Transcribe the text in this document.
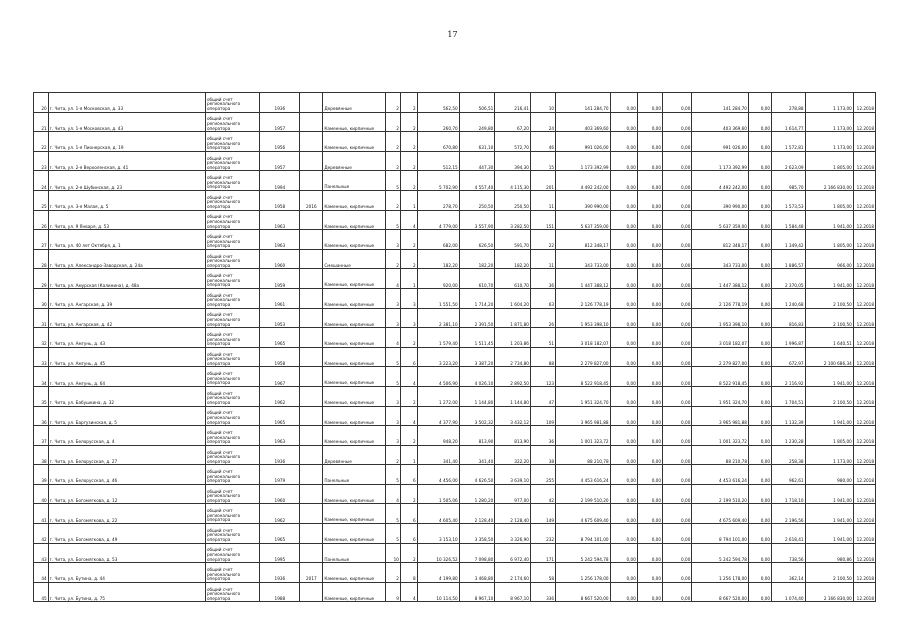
17
20	г. Чита, ул. 1-я Московская, д. 33	общий счет регионального оператора	1936		Деревянные	2	2	562,50	506,51	216,41	10	141 284,70	0,00	0,00	0,00	141 284,70	0,00	278,88	1 173,00	12.2018
21	г. Чита, ул. 1-я Московская, д. 43	общий счет регионального оператора	1957		Каменные, кирпичные	2	2	260,70	249,80	67,20	24	403 369,60	0,00	0,00	0,00	403 369,60	0,00	1 614,77	1 173,00	12.2018
22	г. Чита, ул. 1-я Пионерская, д. 19	общий счет регионального оператора	1956		Каменные, кирпичные	2	2	670,80	631,10	572,70	46	991 026,00	0,00	0,00	0,00	991 026,00	0,00	1 572,81	1 173,00	12.2018
23	г. Чита, ул. 2-я Верхоленская, д. 41	общий счет регионального оператора	1957		Деревянные	2	2	512,15	447,30	394,30	15	1 173 392,99	0,00	0,00	0,00	1 173 392,99	0,00	2 623,09	1 805,00	12.2018
24	г. Чита, ул. 2-я Шубинская, д. 23	общий счет регионального оператора	1994		Панельные	5	2	5 702,90	4 557,40	4 115,30	201	4 492 242,00	0,00	0,00	0,00	4 492 242,00	0,00	985,70	2 166 830,00	12.2018
25	г. Чита, ул. 3-я Малая, д. 5	общий счет регионального оператора	1958	2016	Каменные, кирпичные	2	1	278,70	250,50	250,50	11	390 990,00	0,00	0,00	0,00	390 990,00	0,00	1 573,53	1 805,00	12.2018
26	г. Чита, ул. 9 Января, д. 53	общий счет регионального оператора	1963		Каменные, кирпичные	5	4	4 779,00	3 557,90	3 282,50	151	5 637 359,00	0,00	0,00	0,00	5 637 359,00	0,00	1 584,48	1 941,00	12.2018
27	г. Чита, ул. 40 лет Октября, д. 1	общий счет регионального оператора	1963		Каменные, кирпичные	3	2	682,00	626,50	591,70	22	812 348,17	0,00	0,00	0,00	812 348,17	0,00	1 349,42	1 805,00	12.2018
28	г. Чита, ул. Александро-Заводская, д. 24а	общий счет регионального оператора	1960		Смешанные	2	2	182,20	182,20	182,20	11	343 733,00	0,00	0,00	0,00	343 733,00	0,00	1 886,57	966,00	12.2018
29	г. Чита, ул. Амурская (Калинина), д. 48а	общий счет регионального оператора	1959		Каменные, кирпичные	4	1	920,00	610,70	610,70	36	1 447 388,12	0,00	0,00	0,00	1 447 388,12	0,00	2 370,05	1 941,00	12.2018
30	г. Чита, ул. Ангарская, д. 39	общий счет регионального оператора	1961		Каменные, кирпичные	3	3	1 551,50	1 714,20	1 604,20	63	2 126 778,19	0,00	0,00	0,00	2 126 778,19	0,00	1 240,68	2 100,50	12.2018
31	г. Чита, ул. Ангарская, д. 42	общий счет регионального оператора	1953		Каменные, кирпичные	3	3	2 381,10	2 391,50	1 871,80	26	1 953 398,10	0,00	0,00	0,00	1 953 398,10	0,00	816,83	2 100,50	12.2018
32	г. Чита, ул. Амгунь, д. 43	общий счет регионального оператора	1965		Каменные, кирпичные	4	2	1 579,40	1 511,45	1 203,86	51	3 018 182,07	0,00	0,00	0,00	3 018 182,07	0,00	1 996,87	1 640,51	12.2018
33	г. Чита, ул. Амгунь, д. 45	общий счет регионального оператора	1958		Каменные, кирпичные	5	6	3 223,20	3 387,20	2 734,80	88	2 279 827,00	0,00	0,00	0,00	2 279 827,00	0,00	672,97	2 100 686,34	12.2018
34	г. Чита, ул. Амгунь, д. 64	общий счет регионального оператора	1967		Каменные, кирпичные	5	4	4 506,90	4 026,10	2 892,50	123	8 522 918,45	0,00	0,00	0,00	8 522 918,45	0,00	2 116,92	1 941,00	12.2018
35	г. Чита, ул. Бабушкина, д. 32	общий счет регионального оператора	1962		Каменные, кирпичные	3	2	1 272,00	1 144,80	1 144,80	47	1 951 324,70	0,00	0,00	0,00	1 951 324,70	0,00	1 704,51	2 100,50	12.2018
36	г. Чита, ул. Баргузинская, д. 5	общий счет регионального оператора	1965		Каменные, кирпичные	3	4	4 377,90	3 502,32	3 432,12	109	3 965 981,88	0,00	0,00	0,00	3 965 981,88	0,00	1 132,39	1 941,00	12.2018
37	г. Чита, ул. Белорусская, д. 4	общий счет регионального оператора	1963		Каменные, кирпичные	3	2	948,20	813,90	813,90	36	1 001 323,72	0,00	0,00	0,00	1 001 323,72	0,00	1 230,28	1 805,00	12.2018
38	г. Чита, ул. Белорусская, д. 27	общий счет регионального оператора	1936		Деревянные	2	1	341,40	341,40	322,20	38	88 210,78	0,00	0,00	0,00	88 210,78	0,00	258,38	1 173,00	12.2018
39	г. Чита, ул. Белорусская, д. 46	общий счет регионального оператора	1979		Панельные	5	6	4 456,00	4 626,50	3 639,10	255	4 453 616,24	0,00	0,00	0,00	4 453 616,24	0,00	962,61	980,00	12.2018
40	г. Чита, ул. Богомягкова, д. 12	общий счет регионального оператора	1960		Каменные, кирпичные	4	2	1 505,06	1 280,20	977,00	42	2 199 510,20	0,00	0,00	0,00	2 199 510,20	0,00	1 718,10	1 941,00	12.2018
41	г. Чита, ул. Богомягкова, д. 22	общий счет регионального оператора	1962		Каменные, кирпичные	5	6	4 605,40	2 128,40	2 128,40	149	4 675 609,40	0,00	0,00	0,00	4 675 609,40	0,00	2 196,56	1 941,00	12.2018
42	г. Чита, ул. Богомягкова, д. 49	общий счет регионального оператора	1965		Каменные, кирпичные	5	6	3 153,10	3 358,50	3 326,90	232	8 794 101,00	0,00	0,00	0,00	8 794 101,00	0,00	2 618,41	1 941,00	12.2018
43	г. Чита, ул. Богомягкова, д. 53	общий счет регионального оператора	1995		Панельные	10	2	10 326,52	7 098,80	6 972,40	171	5 242 594,78	0,00	0,00	0,00	5 242 594,78	0,00	738,56	980,86	12.2018
44	г. Чита, ул. Бутина, д. 44	общий счет регионального оператора	1936	2017	Каменные, кирпичные	2	8	4 199,80	3 468,80	2 174,60	58	1 256 178,00	0,00	0,00	0,00	1 256 178,00	0,00	362,14	2 100,50	12.2018
45	г. Чита, ул. Бутина, д. 75	общий счет регионального оператора	1988		Каменные, кирпичные	9	4	10 114,50	8 967,10	8 967,10	336	8 667 520,00	0,00	0,00	0,00	8 667 520,00	0,00	1 074,40	2 166 830,00	12.2018
